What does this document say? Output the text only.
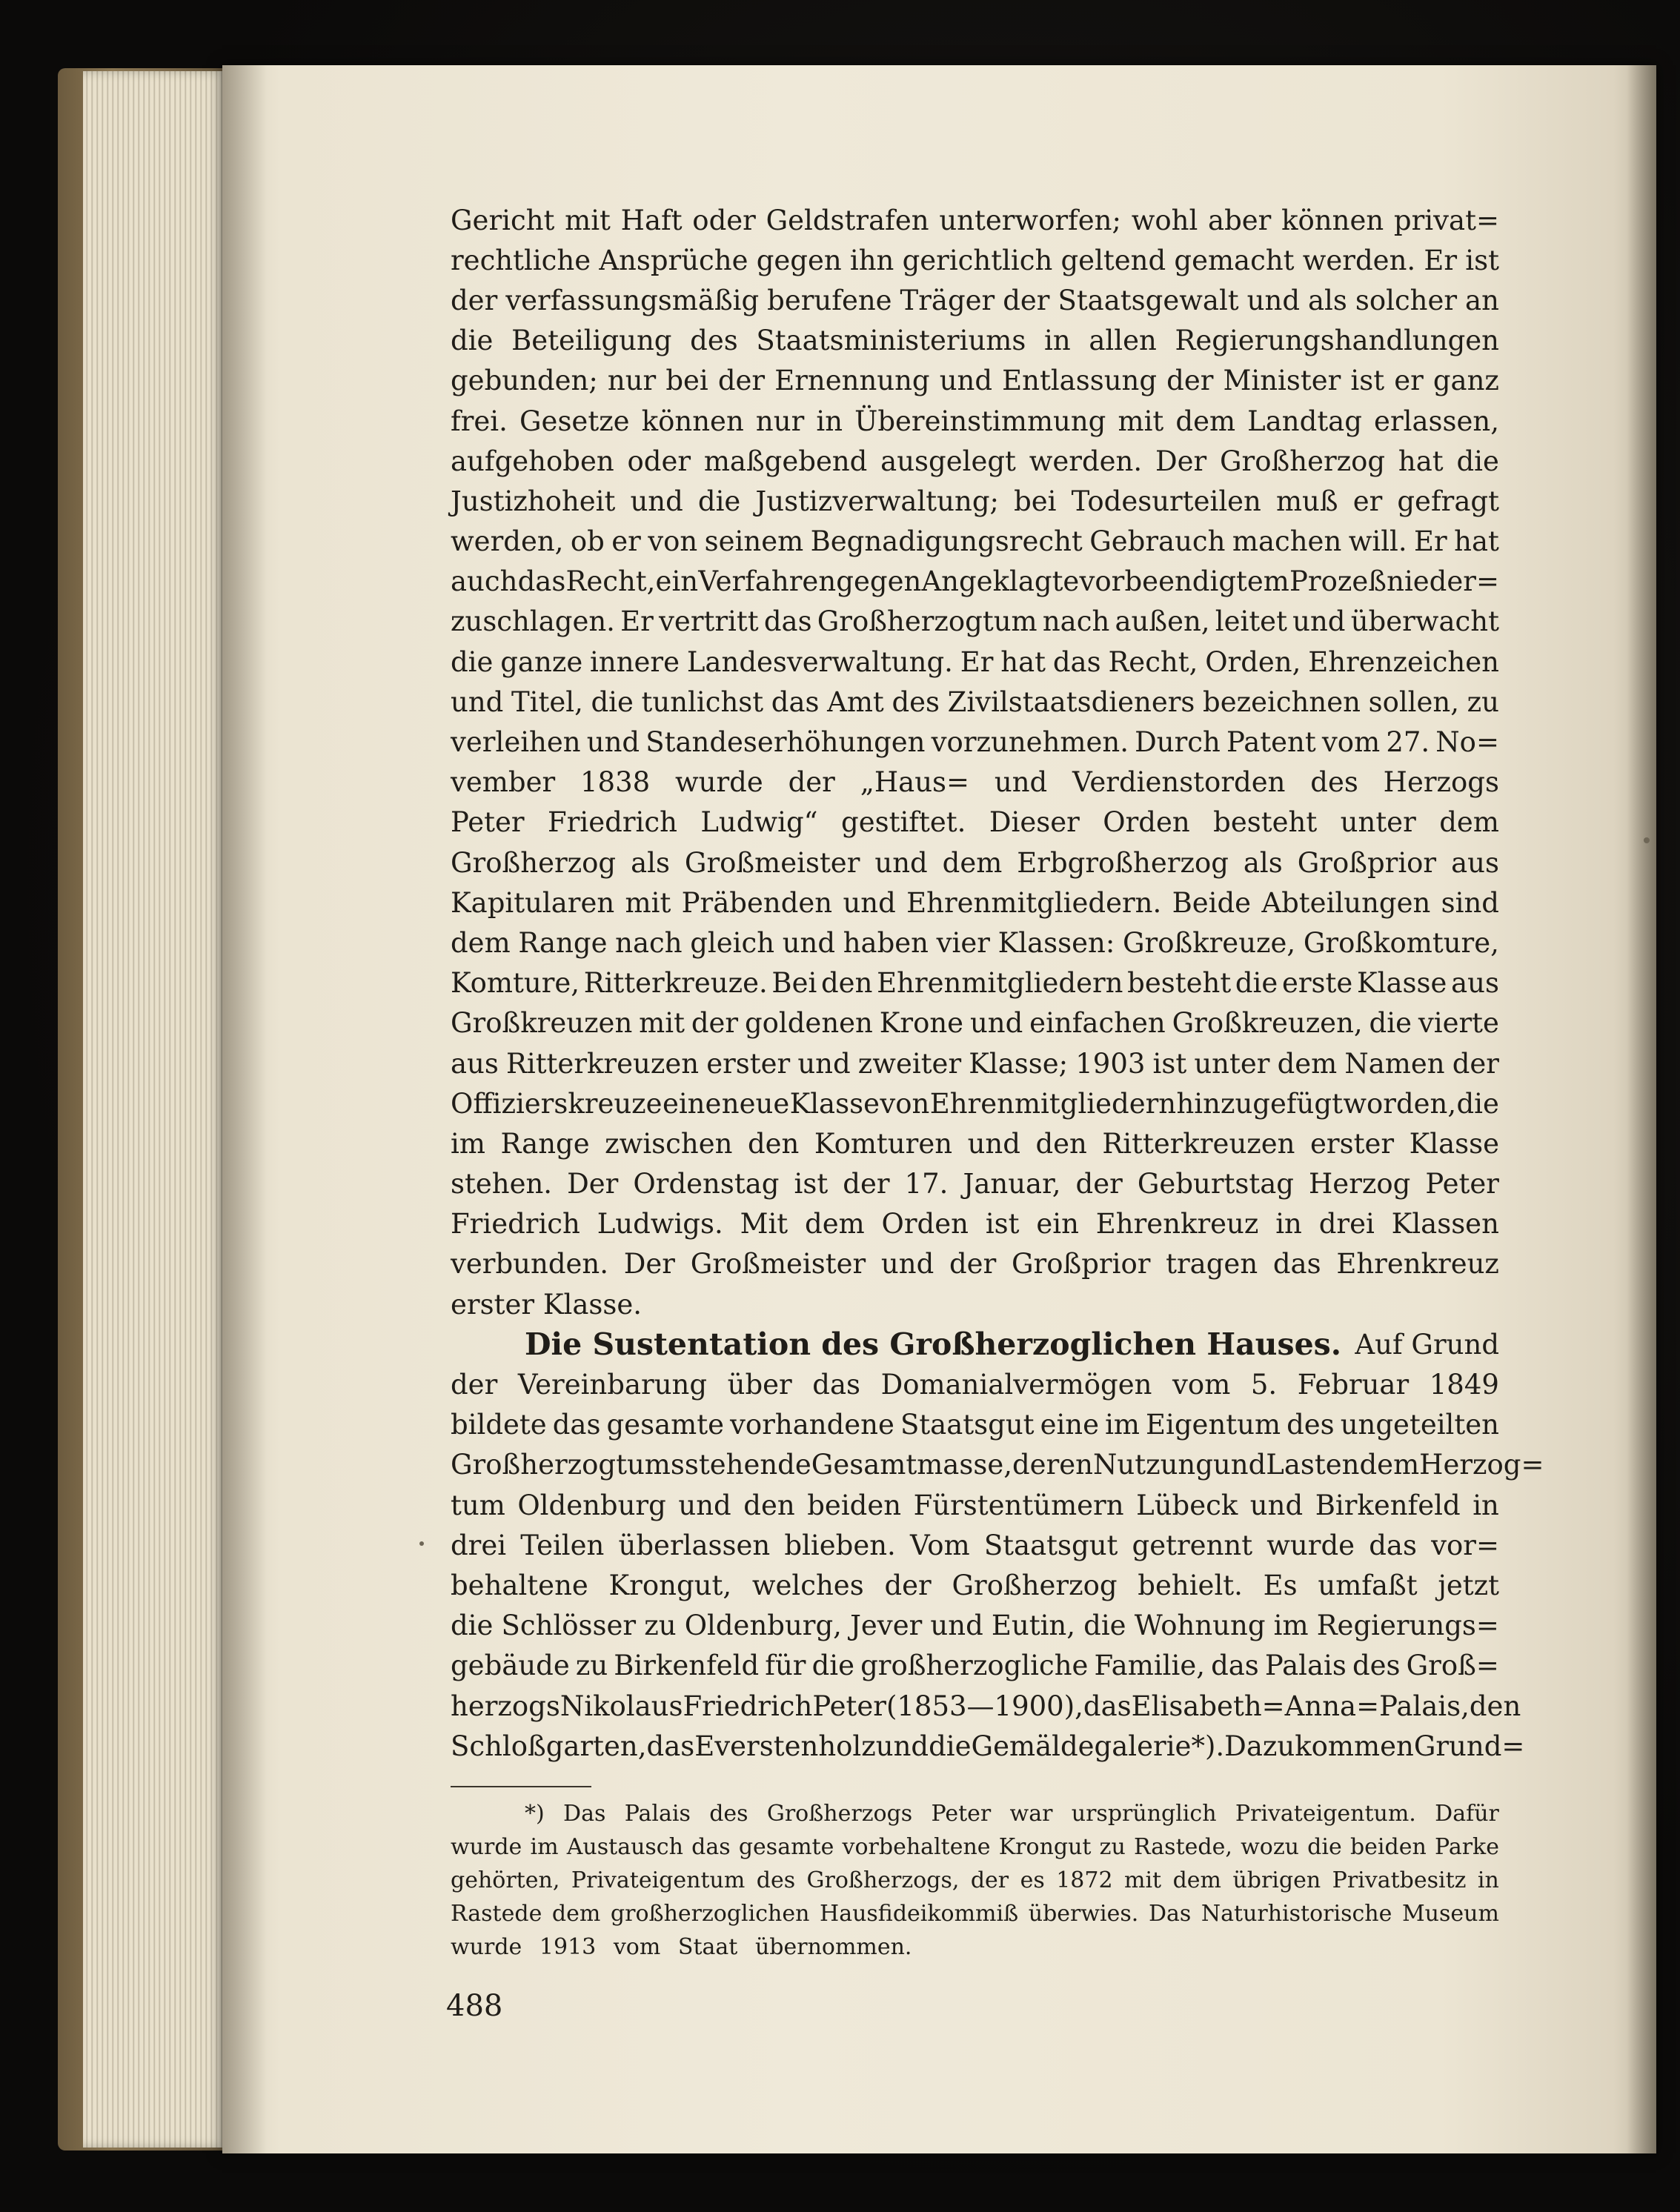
Gericht mit Haft oder Geldstrafen unterworfen; wohl aber können privat=
rechtliche Ansprüche gegen ihn gerichtlich geltend gemacht werden. Er ist
der verfassungsmäßig berufene Träger der Staatsgewalt und als solcher an
die Beteiligung des Staatsministeriums in allen Regierungshandlungen
gebunden; nur bei der Ernennung und Entlassung der Minister ist er ganz
frei. Gesetze können nur in Übereinstimmung mit dem Landtag erlassen,
aufgehoben oder maßgebend ausgelegt werden. Der Großherzog hat die
Justizhoheit und die Justizverwaltung; bei Todesurteilen muß er gefragt
werden, ob er von seinem Begnadigungsrecht Gebrauch machen will. Er hat
auch das Recht, ein Verfahren gegen Angeklagte vor beendigtem Prozeß nieder=
zuschlagen. Er vertritt das Großherzogtum nach außen, leitet und überwacht
die ganze innere Landesverwaltung. Er hat das Recht, Orden, Ehrenzeichen
und Titel, die tunlichst das Amt des Zivilstaatsdieners bezeichnen sollen, zu
verleihen und Standeserhöhungen vorzunehmen. Durch Patent vom 27. No=
vember 1838 wurde der „Haus= und Verdienstorden des Herzogs
Peter Friedrich Ludwig“ gestiftet. Dieser Orden besteht unter dem
Großherzog als Großmeister und dem Erbgroßherzog als Großprior aus
Kapitularen mit Präbenden und Ehrenmitgliedern. Beide Abteilungen sind
dem Range nach gleich und haben vier Klassen: Großkreuze, Großkomture,
Komture, Ritterkreuze. Bei den Ehrenmitgliedern besteht die erste Klasse aus
Großkreuzen mit der goldenen Krone und einfachen Großkreuzen, die vierte
aus Ritterkreuzen erster und zweiter Klasse; 1903 ist unter dem Namen der
Offizierskreuze eine neue Klasse von Ehrenmitgliedern hinzugefügt worden, die
im Range zwischen den Komturen und den Ritterkreuzen erster Klasse
stehen. Der Ordenstag ist der 17. Januar, der Geburtstag Herzog Peter
Friedrich Ludwigs. Mit dem Orden ist ein Ehrenkreuz in drei Klassen
verbunden. Der Großmeister und der Großprior tragen das Ehrenkreuz
erster Klasse.
Die Sustentation des Großherzoglichen Hauses. Auf Grund
der Vereinbarung über das Domanialvermögen vom 5. Februar 1849
bildete das gesamte vorhandene Staatsgut eine im Eigentum des ungeteilten
Großherzogtums stehende Gesamtmasse, deren Nutzung und Lasten dem Herzog=
tum Oldenburg und den beiden Fürstentümern Lübeck und Birkenfeld in
drei Teilen überlassen blieben. Vom Staatsgut getrennt wurde das vor=
behaltene Krongut, welches der Großherzog behielt. Es umfaßt jetzt
die Schlösser zu Oldenburg, Jever und Eutin, die Wohnung im Regierungs=
gebäude zu Birkenfeld für die großherzogliche Familie, das Palais des Groß=
herzogs Nikolaus Friedrich Peter (1853—1900), das Elisabeth=Anna=Palais, den
Schloßgarten, das Everstenholz und die Gemäldegalerie*). Dazu kommen Grund=
*) Das Palais des Großherzogs Peter war ursprünglich Privateigentum. Dafür
wurde im Austausch das gesamte vorbehaltene Krongut zu Rastede, wozu die beiden Parke
gehörten, Privateigentum des Großherzogs, der es 1872 mit dem übrigen Privatbesitz in
Rastede dem großherzoglichen Hausfideikommiß überwies. Das Naturhistorische Museum
wurde 1913 vom Staat übernommen.
488
